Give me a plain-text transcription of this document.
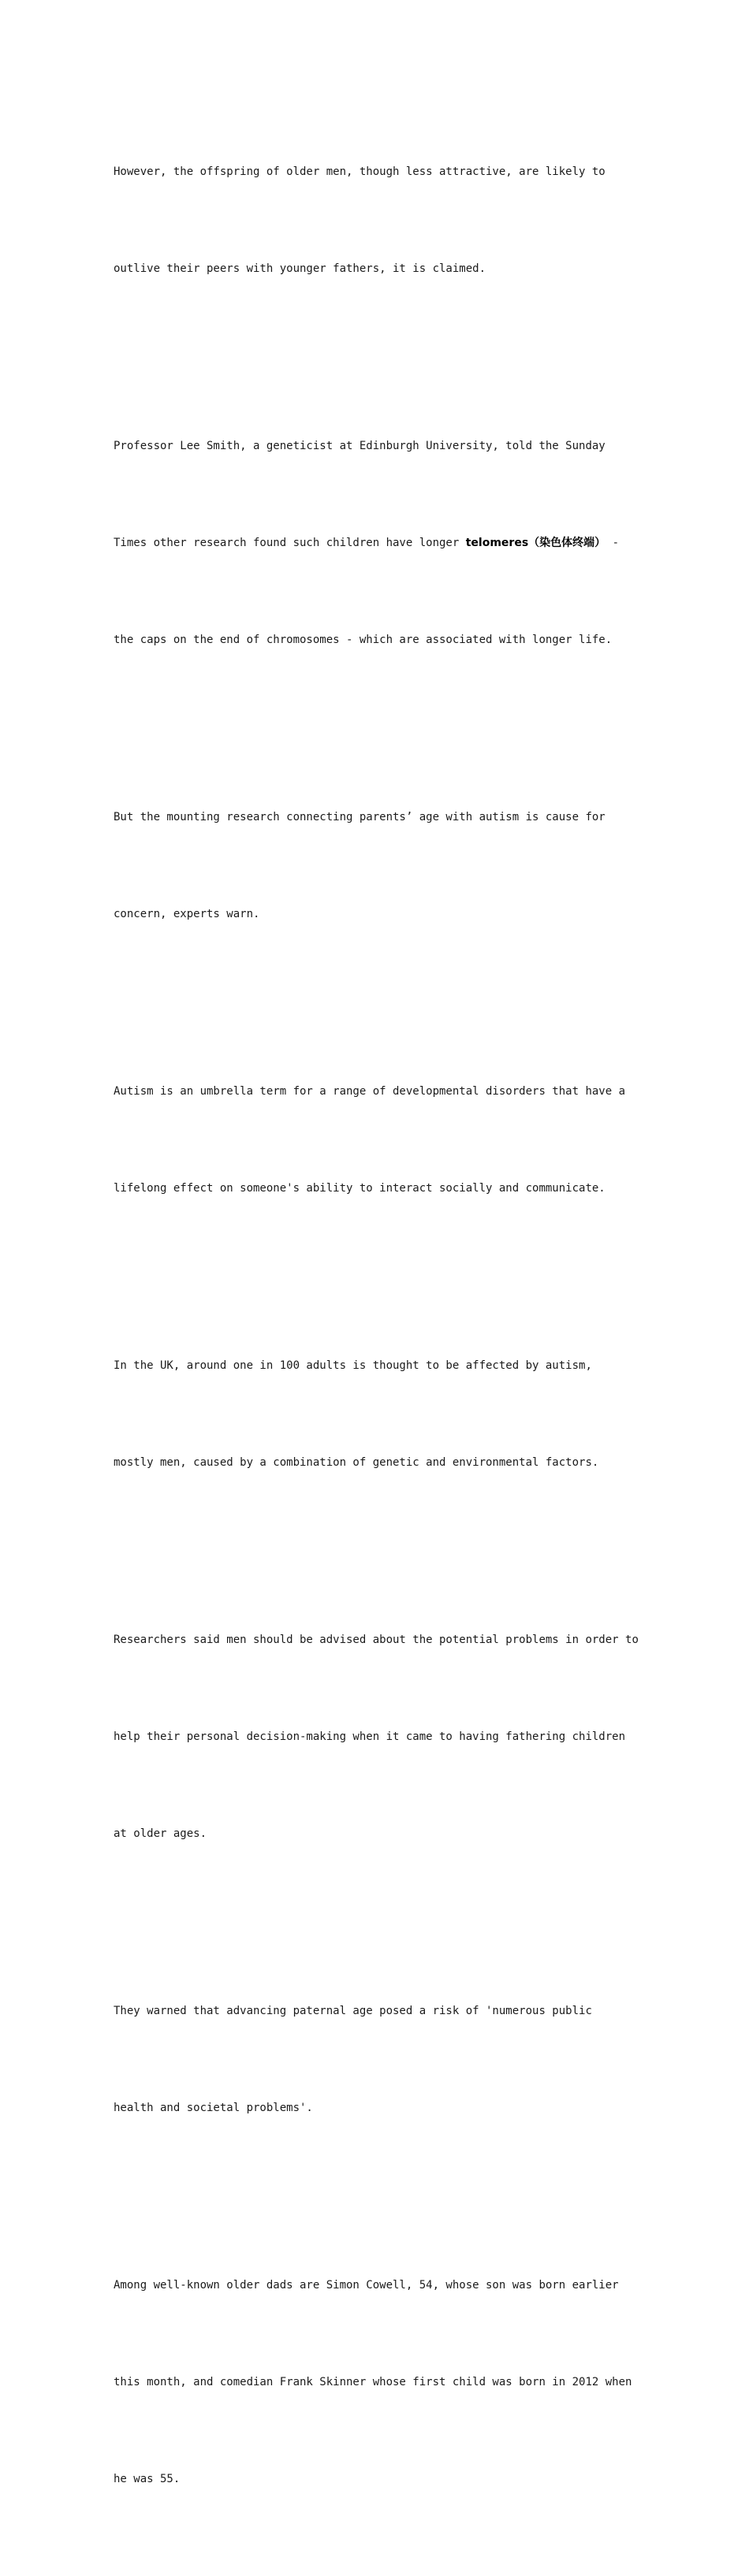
However, the offspring of older men, though less attractive, are likely to

outlive their peers with younger fathers, it is claimed.

Professor Lee Smith, a geneticist at Edinburgh University, told the Sunday

Times other research found such children have longer telomeres（染色体终端） -

the caps on the end of chromosomes - which are associated with longer life.

But the mounting research connecting parents’ age with autism is cause for

concern, experts warn.

Autism is an umbrella term for a range of developmental disorders that have a

lifelong effect on someone's ability to interact socially and communicate.

In the UK, around one in 100 adults is thought to be affected by autism,

mostly men, caused by a combination of genetic and environmental factors.

Researchers said men should be advised about the potential problems in order to

help their personal decision-making when it came to having fathering children

at older ages.

They warned that advancing paternal age posed a risk of 'numerous public

health and societal problems'.

Among well-known older dads are Simon Cowell, 54, whose son was born earlier

this month, and comedian Frank Skinner whose first child was born in 2012 when

he was 55.
